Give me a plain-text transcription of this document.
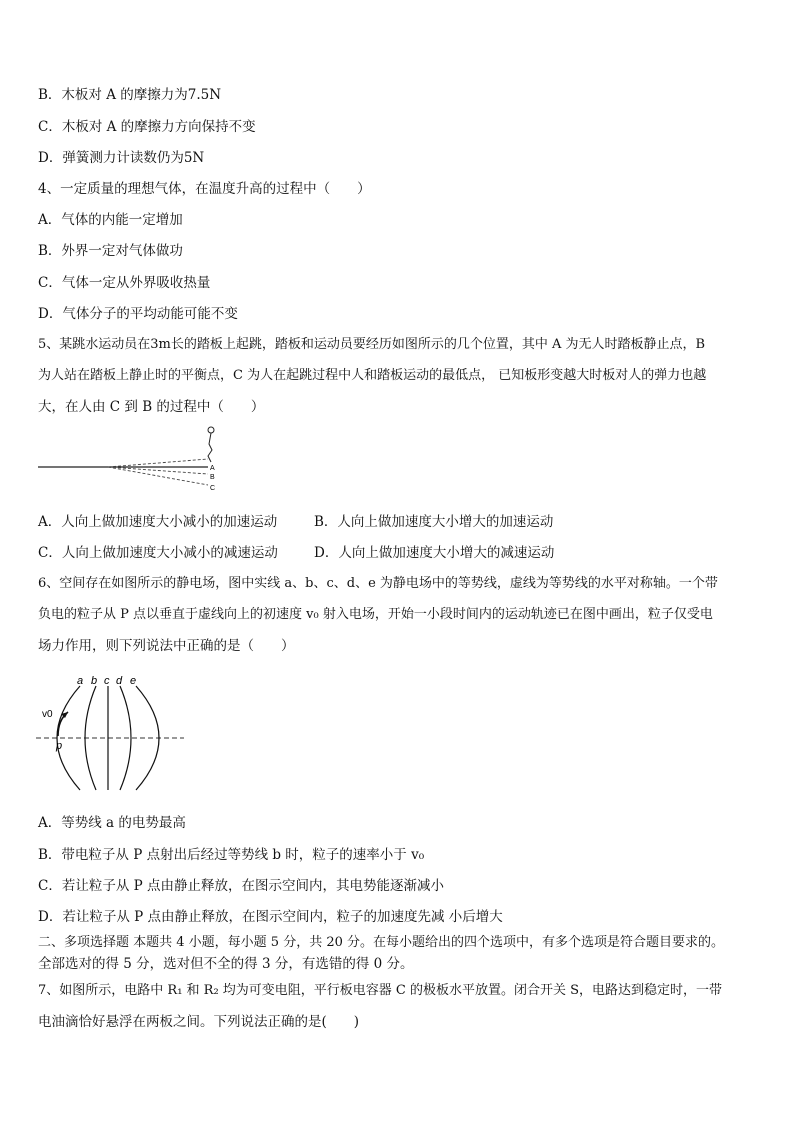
B．木板对 A 的摩擦力为7.5N
C．木板对 A 的摩擦力方向保持不变
D．弹簧测力计读数仍为5N
4、一定质量的理想气体，在温度升高的过程中（　　）
A．气体的内能一定增加
B．外界一定对气体做功
C．气体一定从外界吸收热量
D．气体分子的平均动能可能不变
5、某跳水运动员在3m长的踏板上起跳，踏板和运动员要经历如图所示的几个位置，其中 A 为无人时踏板静止点，B
为人站在踏板上静止时的平衡点，C 为人在起跳过程中人和踏板运动的最低点， 已知板形变越大时板对人的弹力也越
大，在人由 C 到 B 的过程中（　　）
A
B
C
A．人向上做加速度大小减小的加速运动	B．人向上做加速度大小增大的加速运动
C．人向上做加速度大小减小的减速运动	D．人向上做加速度大小增大的减速运动
6、空间存在如图所示的静电场，图中实线 a、b、c、d、e 为静电场中的等势线，虚线为等势线的水平对称轴。一个带
负电的粒子从 P 点以垂直于虚线向上的初速度 v₀ 射入电场，开始一小段时间内的运动轨迹已在图中画出，粒子仅受电
场力作用，则下列说法中正确的是（　　）
a b c d e
v0
p
A．等势线 a 的电势最高
B．带电粒子从 P 点射出后经过等势线 b 时，粒子的速率小于 v₀
C．若让粒子从 P 点由静止释放，在图示空间内，其电势能逐渐减小
D．若让粒子从 P 点由静止释放，在图示空间内，粒子的加速度先减 小后增大
二、多项选择题 本题共 4 小题，每小题 5 分，共 20 分。在每小题给出的四个选项中，有多个选项是符合题目要求的。
全部选对的得 5 分，选对但不全的得 3 分，有选错的得 0 分。
7、如图所示，电路中 R₁ 和 R₂ 均为可变电阻，平行板电容器 C 的极板水平放置。闭合开关 S，电路达到稳定时，一带
电油滴恰好悬浮在两板之间。下列说法正确的是(　　)
